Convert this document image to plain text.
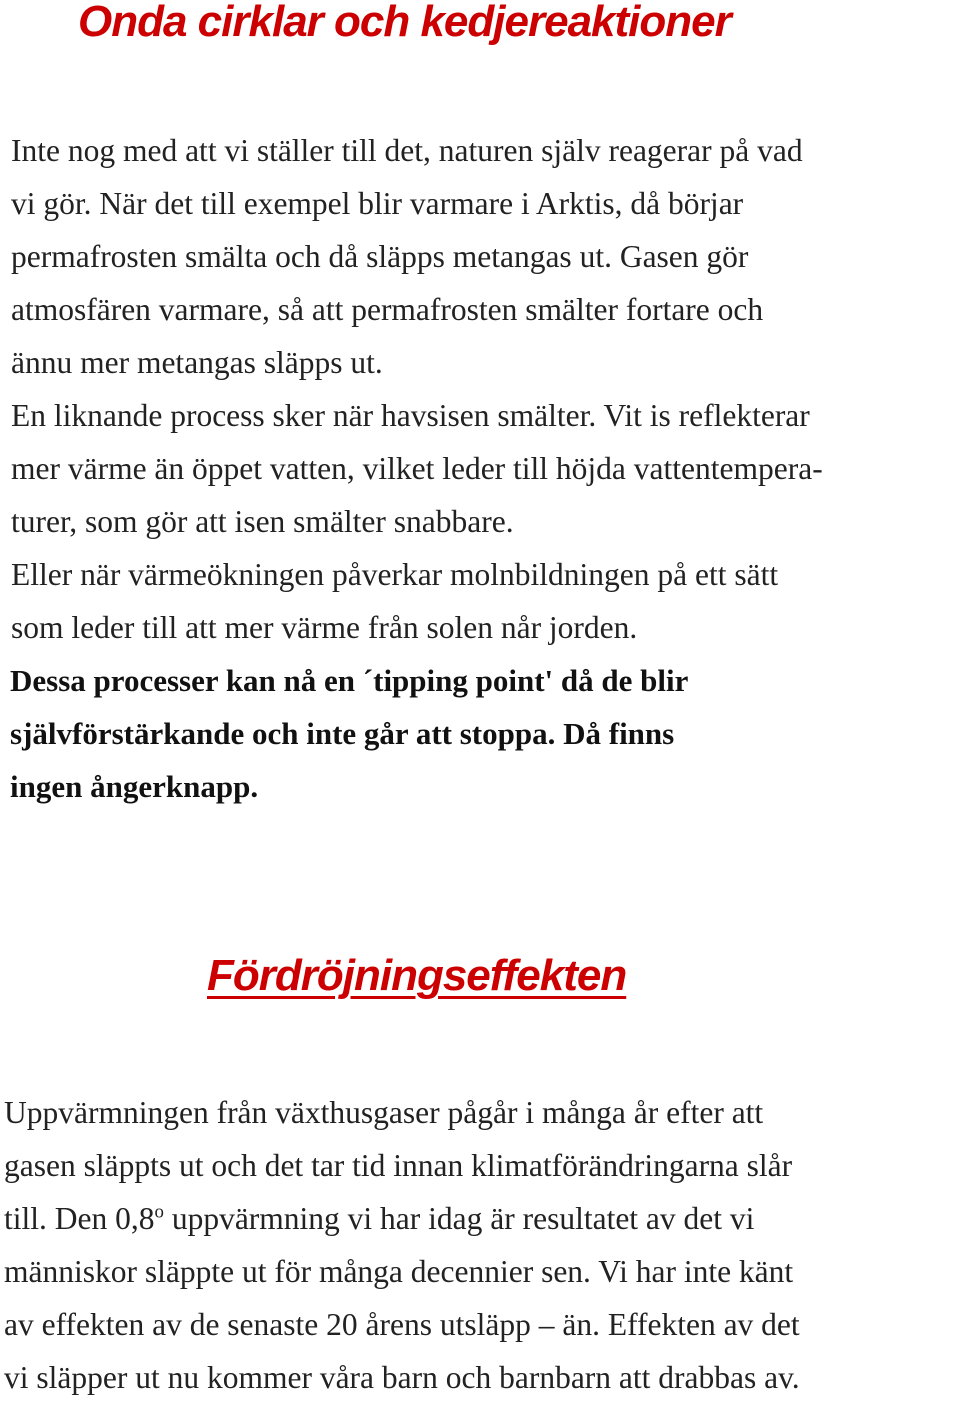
Onda cirklar och kedjereaktioner
Inte nog med att vi ställer till det, naturen själv reagerar på vad
vi gör. När det till exempel blir varmare i Arktis, då börjar
permafrosten smälta och då släpps metangas ut. Gasen gör
atmosfären varmare, så att permafrosten smälter fortare och
ännu mer metangas släpps ut.
En liknande process sker när havsisen smälter. Vit is reflekterar
mer värme än öppet vatten, vilket leder till höjda vattentempera-
turer, som gör att isen smälter snabbare.
Eller när värmeökningen påverkar molnbildningen på ett sätt
som leder till att mer värme från solen når jorden.
Dessa processer kan nå en ´tipping point' då de blir
självförstärkande och inte går att stoppa. Då finns
ingen ångerknapp.
Fördröjningseffekten
Uppvärmningen från växthusgaser pågår i många år efter att
gasen släppts ut och det tar tid innan klimatförändringarna slår
till. Den 0,8$^o$ uppvärmning vi har idag är resultatet av det vi
människor släppte ut för många decennier sen. Vi har inte känt
av effekten av de senaste 20 årens utsläpp – än. Effekten av det
vi släpper ut nu kommer våra barn och barnbarn att drabbas av.
